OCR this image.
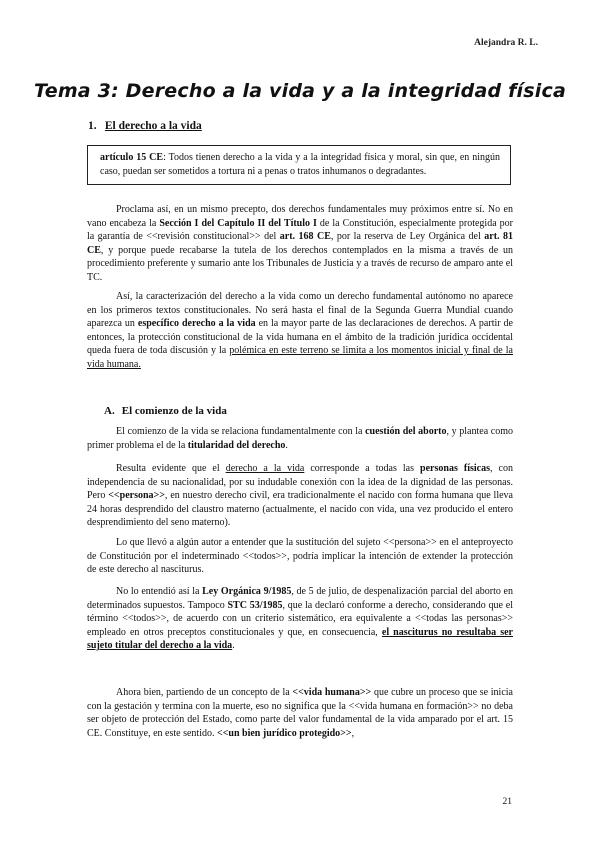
Alejandra R. L.
Tema 3: Derecho a la vida y a la integridad física
1. El derecho a la vida
artículo 15 CE: Todos tienen derecho a la vida y a la integridad física y moral, sin que, en ningún caso, puedan ser sometidos a tortura ni a penas o tratos inhumanos o degradantes.
Proclama así, en un mismo precepto, dos derechos fundamentales muy próximos entre sí. No en vano encabeza la Sección I del Capítulo II del Título I de la Constitución, especialmente protegida por la garantía de <<revisión constitucional>> del art. 168 CE, por la reserva de Ley Orgánica del art. 81 CE, y porque puede recabarse la tutela de los derechos contemplados en la misma a través de un procedimiento preferente y sumario ante los Tribunales de Justicia y a través de recurso de amparo ante el TC.
Así, la caracterización del derecho a la vida como un derecho fundamental autónomo no aparece en los primeros textos constitucionales. No será hasta el final de la Segunda Guerra Mundial cuando aparezca un específico derecho a la vida en la mayor parte de las declaraciones de derechos. A partir de entonces, la protección constitucional de la vida humana en el ámbito de la tradición jurídica occidental queda fuera de toda discusión y la polémica en este terreno se limita a los momentos inicial y final de la vida humana.
A. El comienzo de la vida
El comienzo de la vida se relaciona fundamentalmente con la cuestión del aborto, y plantea como primer problema el de la titularidad del derecho.
Resulta evidente que el derecho a la vida corresponde a todas las personas físicas, con independencia de su nacionalidad, por su indudable conexión con la idea de la dignidad de las personas. Pero <<persona>>, en nuestro derecho civil, era tradicionalmente el nacido con forma humana que lleva 24 horas desprendido del claustro materno (actualmente, el nacido con vida, una vez producido el entero desprendimiento del seno materno).
Lo que llevó a algún autor a entender que la sustitución del sujeto <<persona>> en el anteproyecto de Constitución por el indeterminado <<todos>>, podría implicar la intención de extender la protección de este derecho al nasciturus.
No lo entendió así la Ley Orgánica 9/1985, de 5 de julio, de despenalización parcial del aborto en determinados supuestos. Tampoco STC 53/1985, que la declaró conforme a derecho, considerando que el término <<todos>>, de acuerdo con un criterio sistemático, era equivalente a <<todas las personas>> empleado en otros preceptos constitucionales y que, en consecuencia, el nasciturus no resultaba ser sujeto titular del derecho a la vida.
Ahora bien, partiendo de un concepto de la <<vida humana>> que cubre un proceso que se inicia con la gestación y termina con la muerte, eso no significa que la <<vida humana en formación>> no deba ser objeto de protección del Estado, como parte del valor fundamental de la vida amparado por el art. 15 CE. Constituye, en este sentido. <<un bien jurídico protegido>>,
21
